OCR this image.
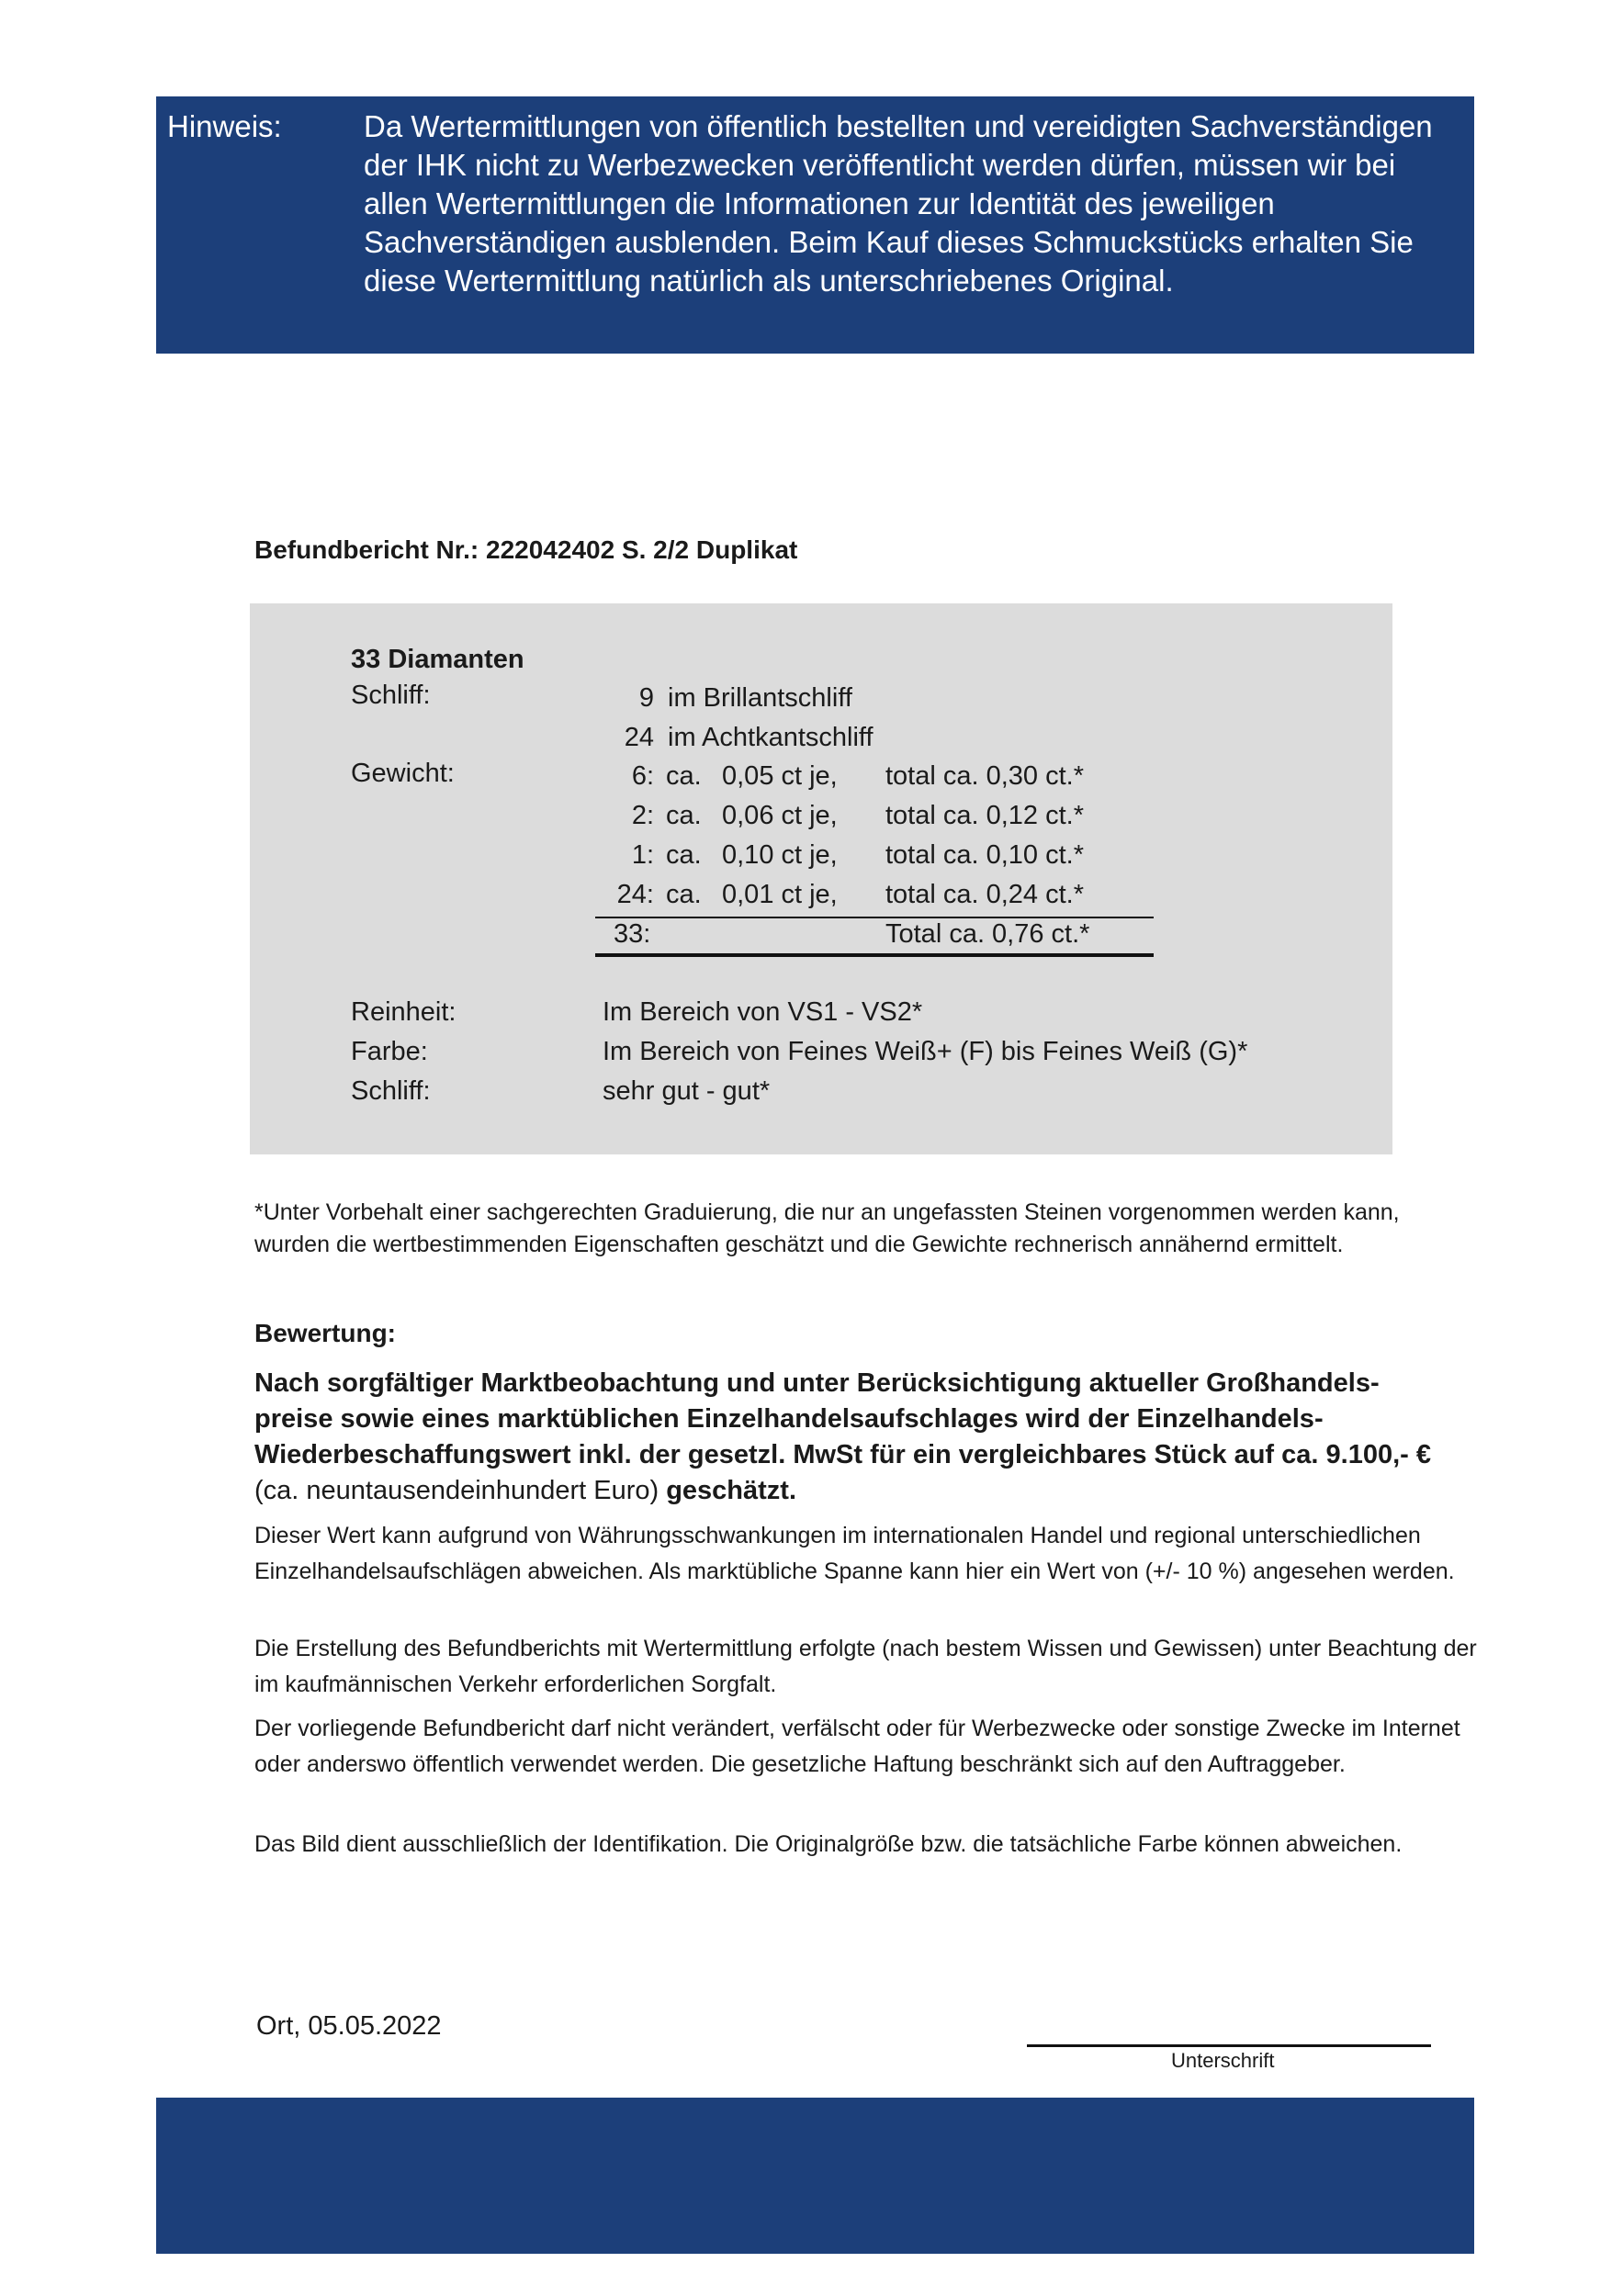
Hinweis:	Da Wertermittlungen von öffentlich bestellten und vereidigten Sachverständigen der IHK nicht zu Werbezwecken veröffentlicht werden dürfen, müssen wir bei allen Wertermittlungen die Informationen zur Identität des jeweiligen Sachverständigen ausblenden. Beim Kauf dieses Schmuckstücks erhalten Sie diese Wertermittlung natürlich als unterschriebenes Original.
Befundbericht Nr.: 222042402 S. 2/2 Duplikat
33 Diamanten
Schliff:	9 im Brillantschliff
24 im Achtkantschliff
Gewicht:	6: ca. 0,05 ct je, total ca. 0,30 ct.*
2: ca. 0,06 ct je, total ca. 0,12 ct.*
1: ca. 0,10 ct je, total ca. 0,10 ct.*
24: ca. 0,01 ct je, total ca. 0,24 ct.*
33:	Total ca. 0,76 ct.*
Reinheit:	Im Bereich von VS1 - VS2*
Farbe:	Im Bereich von Feines Weiß+ (F) bis Feines Weiß (G)*
Schliff:	sehr gut - gut*
*Unter Vorbehalt einer sachgerechten Graduierung, die nur an ungefassten Steinen vorgenommen werden kann, wurden die wertbestimmenden Eigenschaften geschätzt und die Gewichte rechnerisch annähernd ermittelt.
Bewertung:
Nach sorgfältiger Marktbeobachtung und unter Berücksichtigung aktueller Großhandels-preise sowie eines marktüblichen Einzelhandelsaufschlages wird der Einzelhandels-Wiederbeschaffungswert inkl. der gesetzl. MwSt für ein vergleichbares Stück auf ca. 9.100,- € (ca. neuntausendeinhundert Euro) geschätzt.
Dieser Wert kann aufgrund von Währungsschwankungen im internationalen Handel und regional unterschiedlichen Einzelhandelsaufschlägen abweichen. Als marktübliche Spanne kann hier ein Wert von (+/- 10 %) angesehen werden.
Die Erstellung des Befundberichts mit Wertermittlung erfolgte (nach bestem Wissen und Gewissen) unter Beachtung der im kaufmännischen Verkehr erforderlichen Sorgfalt.
Der vorliegende Befundbericht darf nicht verändert, verfälscht oder für Werbezwecke oder sonstige Zwecke im Internet oder anderswo öffentlich verwendet werden. Die gesetzliche Haftung beschränkt sich auf den Auftraggeber.
Das Bild dient ausschließlich der Identifikation. Die Originalgröße bzw. die tatsächliche Farbe können abweichen.
Ort, 05.05.2022
Unterschrift
